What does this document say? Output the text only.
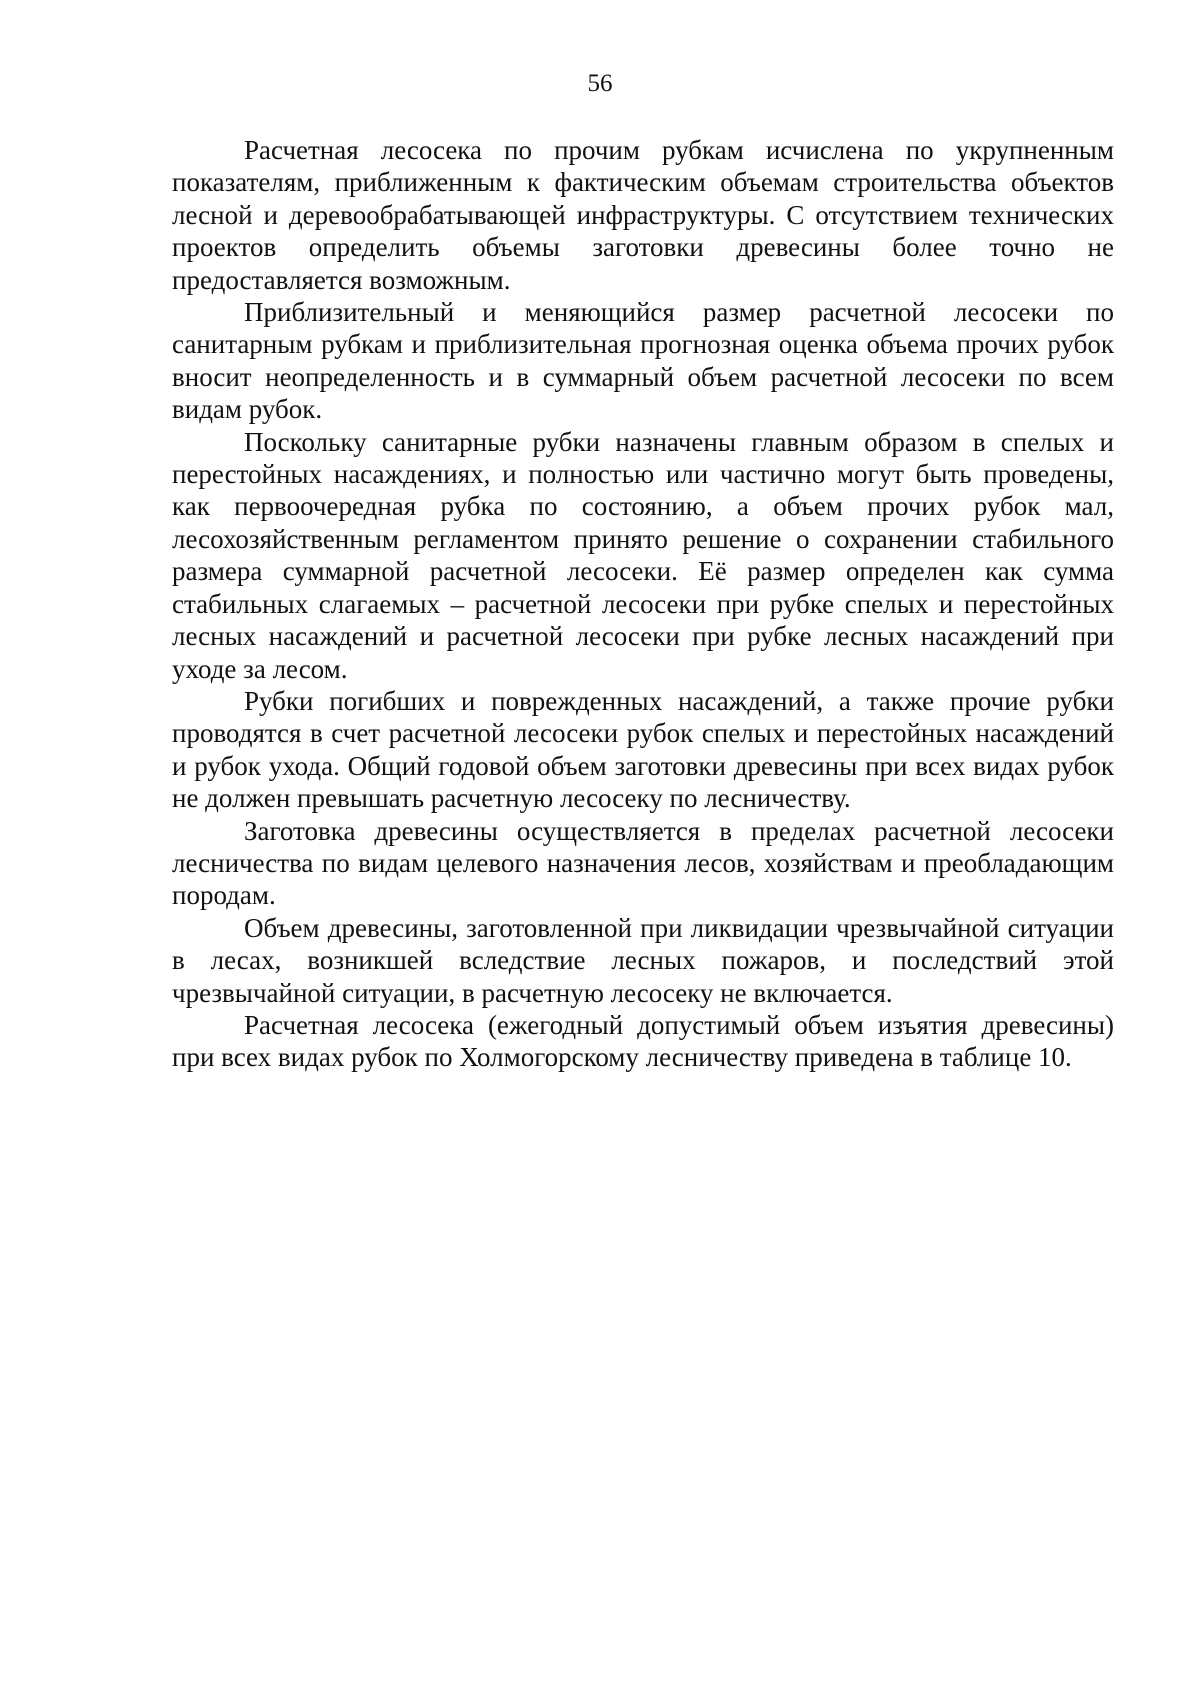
56

Расчетная лесосека по прочим рубкам исчислена по укрупненным показателям, приближенным к фактическим объемам строительства объектов лесной и деревообрабатывающей инфраструктуры. С отсутствием технических проектов определить объемы заготовки древесины более точно не предоставляется возможным.

Приблизительный и меняющийся размер расчетной лесосеки по санитарным рубкам и приблизительная прогнозная оценка объема прочих рубок вносит неопределенность и в суммарный объем расчетной лесосеки по всем видам рубок.

Поскольку санитарные рубки назначены главным образом в спелых и перестойных насаждениях, и полностью или частично могут быть проведены, как первоочередная рубка по состоянию, а объем прочих рубок мал, лесохозяйственным регламентом принято решение о сохранении стабильного размера суммарной расчетной лесосеки. Её размер определен как сумма стабильных слагаемых – расчетной лесосеки при рубке спелых и перестойных лесных насаждений и расчетной лесосеки при рубке лесных насаждений при уходе за лесом.

Рубки погибших и поврежденных насаждений, а также прочие рубки проводятся в счет расчетной лесосеки рубок спелых и перестойных насаждений и рубок ухода. Общий годовой объем заготовки древесины при всех видах рубок не должен превышать расчетную лесосеку по лесничеству.

Заготовка древесины осуществляется в пределах расчетной лесосеки лесничества по видам целевого назначения лесов, хозяйствам и преобладающим породам.

Объем древесины, заготовленной при ликвидации чрезвычайной ситуации в лесах, возникшей вследствие лесных пожаров, и последствий этой чрезвычайной ситуации, в расчетную лесосеку не включается.

Расчетная лесосека (ежегодный допустимый объем изъятия древесины) при всех видах рубок по Холмогорскому лесничеству приведена в таблице 10.
